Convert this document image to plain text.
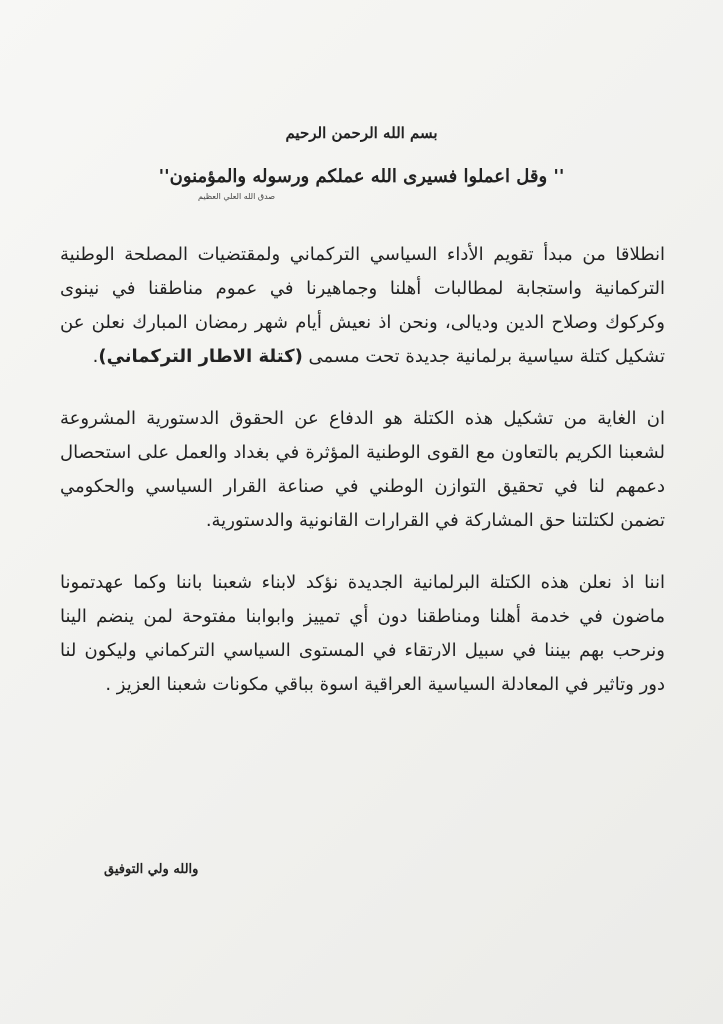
بسم الله الرحمن الرحيم
''وقل اعملوا فسيرى الله عملكم ورسوله والمؤمنون ''
صدق الله العلي العظيم

انطلاقا من مبدأ تقويم الأداء السياسي التركماني ولمقتضيات المصلحة الوطنية التركمانية واستجابة لمطالبات أهلنا وجماهيرنا في عموم مناطقنا في نينوى وكركوك وصلاح الدين وديالى، ونحن اذ نعيش أيام شهر رمضان المبارك نعلن عن تشكيل كتلة سياسية برلمانية جديدة تحت مسمى (كتلة الاطار التركماني).

ان الغاية من تشكيل هذه الكتلة هو الدفاع عن الحقوق الدستورية المشروعة لشعبنا الكريم بالتعاون مع القوى الوطنية المؤثرة في بغداد والعمل على استحصال دعمهم لنا في تحقيق التوازن الوطني في صناعة القرار السياسي والحكومي تضمن لكتلتنا حق المشاركة في القرارات القانونية والدستورية.

اننا اذ نعلن هذه الكتلة البرلمانية الجديدة نؤكد لابناء شعبنا باننا وكما عهدتمونا ماضون في خدمة أهلنا ومناطقنا دون أي تمييز وابوابنا مفتوحة لمن ينضم الينا ونرحب بهم بيننا في سبيل الارتقاء في المستوى السياسي التركماني وليكون لنا دور وتاثير في المعادلة السياسية العراقية اسوة بباقي مكونات شعبنا العزيز .

والله ولي التوفيق
